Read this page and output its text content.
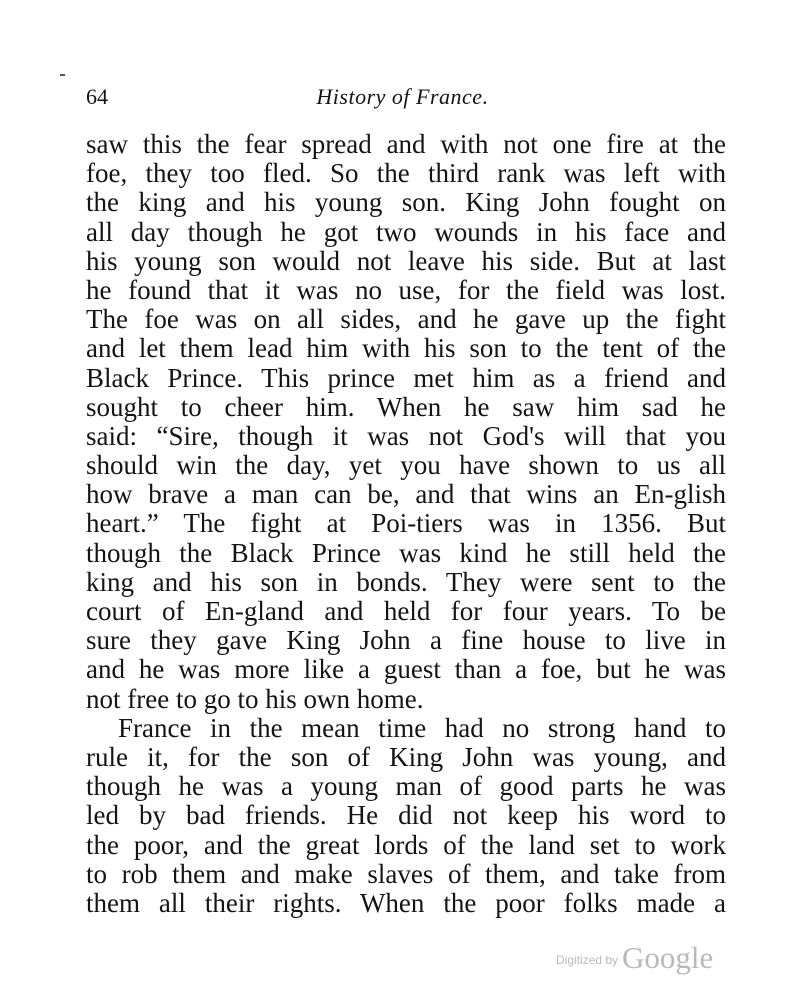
64	History of France.
saw this the fear spread and with not one fire at the
foe, they too fled. So the third rank was left with
the king and his young son. King John fought on
all day though he got two wounds in his face and
his young son would not leave his side. But at last
he found that it was no use, for the field was lost.
The foe was on all sides, and he gave up the fight
and let them lead him with his son to the tent of the
Black Prince. This prince met him as a friend and
sought to cheer him. When he saw him sad he
said: “Sire, though it was not God's will that you
should win the day, yet you have shown to us all
how brave a man can be, and that wins an En-glish
heart.” The fight at Poi-tiers was in 1356. But
though the Black Prince was kind he still held the
king and his son in bonds. They were sent to the
court of En-gland and held for four years. To be
sure they gave King John a fine house to live in
and he was more like a guest than a foe, but he was
not free to go to his own home.
France in the mean time had no strong hand to
rule it, for the son of King John was young, and
though he was a young man of good parts he was
led by bad friends. He did not keep his word to
the poor, and the great lords of the land set to work
to rob them and make slaves of them, and take from
them all their rights. When the poor folks made a
$^{Digitized by}$ Google
